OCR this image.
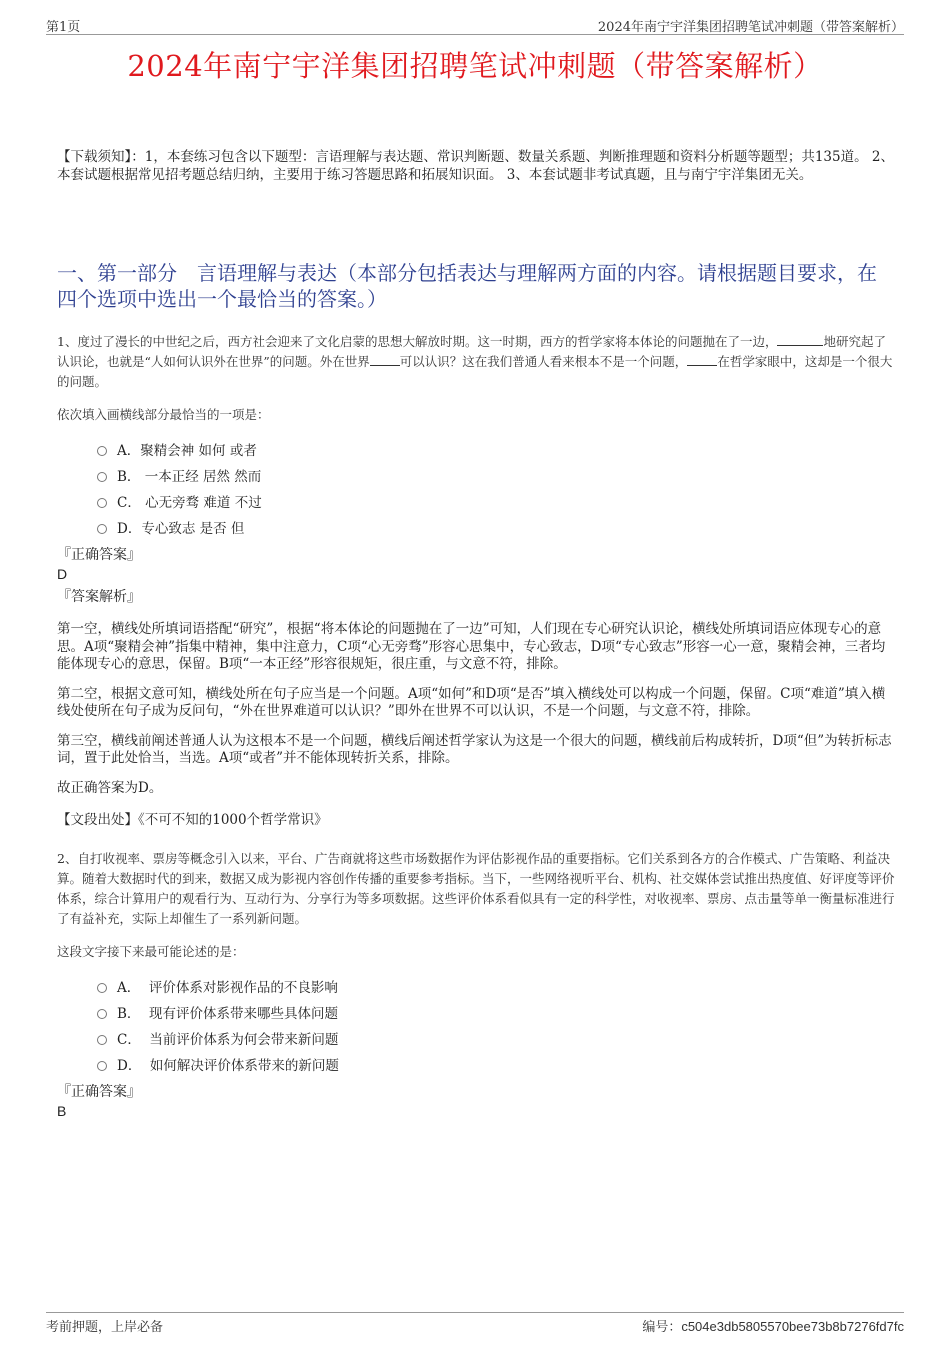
第1页	2024年南宁宇洋集团招聘笔试冲刺题（带答案解析）
2024年南宁宇洋集团招聘笔试冲刺题（带答案解析）

【下载须知】：1，本套练习包含以下题型：言语理解与表达题、常识判断题、数量关系题、判断推理题和资料分析题等题型；共135道。 2、本套试题根据常见招考题总结归纳，主要用于练习答题思路和拓展知识面。 3、本套试题非考试真题，且与南宁宇洋集团无关。

一、第一部分　言语理解与表达（本部分包括表达与理解两方面的内容。请根据题目要求，在四个选项中选出一个最恰当的答案。）

1、度过了漫长的中世纪之后，西方社会迎来了文化启蒙的思想大解放时期。这一时期，西方的哲学家将本体论的问题抛在了一边，	地研究起了认识论，也就是“人如何认识外在世界”的问题。外在世界 可以认识？这在我们普通人看来根本不是一个问题， 在哲学家眼中，这却是一个很大的问题。

依次填入画横线部分最恰当的一项是：

A．聚精会神 如何 或者
B． 一本正经 居然 然而
C． 心无旁骛 难道 不过
D．专心致志 是否 但

『正确答案』

D

『答案解析』

第一空，横线处所填词语搭配“研究”，根据“将本体论的问题抛在了一边”可知，人们现在专心研究认识论，横线处所填词语应体现专心的意思。A项“聚精会神”指集中精神，集中注意力，C项“心无旁骛”形容心思集中，专心致志，D项“专心致志”形容一心一意，聚精会神，三者均能体现专心的意思，保留。B项“一本正经”形容很规矩，很庄重，与文意不符，排除。

第二空，根据文意可知，横线处所在句子应当是一个问题。A项“如何”和D项“是否”填入横线处可以构成一个问题，保留。C项“难道”填入横线处使所在句子成为反问句，“外在世界难道可以认识？”即外在世界不可以认识，不是一个问题，与文意不符，排除。

第三空，横线前阐述普通人认为这根本不是一个问题，横线后阐述哲学家认为这是一个很大的问题，横线前后构成转折，D项“但”为转折标志词，置于此处恰当，当选。A项“或者”并不能体现转折关系，排除。

故正确答案为D。

【文段出处】《不可不知的1000个哲学常识》

2、自打收视率、票房等概念引入以来，平台、广告商就将这些市场数据作为评估影视作品的重要指标。它们关系到各方的合作模式、广告策略、利益决算。随着大数据时代的到来，数据又成为影视内容创作传播的重要参考指标。当下，一些网络视听平台、机构、社交媒体尝试推出热度值、好评度等评价体系，综合计算用户的观看行为、互动行为、分享行为等多项数据。这些评价体系看似具有一定的科学性，对收视率、票房、点击量等单一衡量标准进行了有益补充，实际上却催生了一系列新问题。

这段文字接下来最可能论述的是：

A．  评价体系对影视作品的不良影响
B．  现有评价体系带来哪些具体问题
C．  当前评价体系为何会带来新问题
D．  如何解决评价体系带来的新问题

『正确答案』

B

考前押题，上岸必备	编号：c504e3db5805570bee73b8b7276fd7fc
